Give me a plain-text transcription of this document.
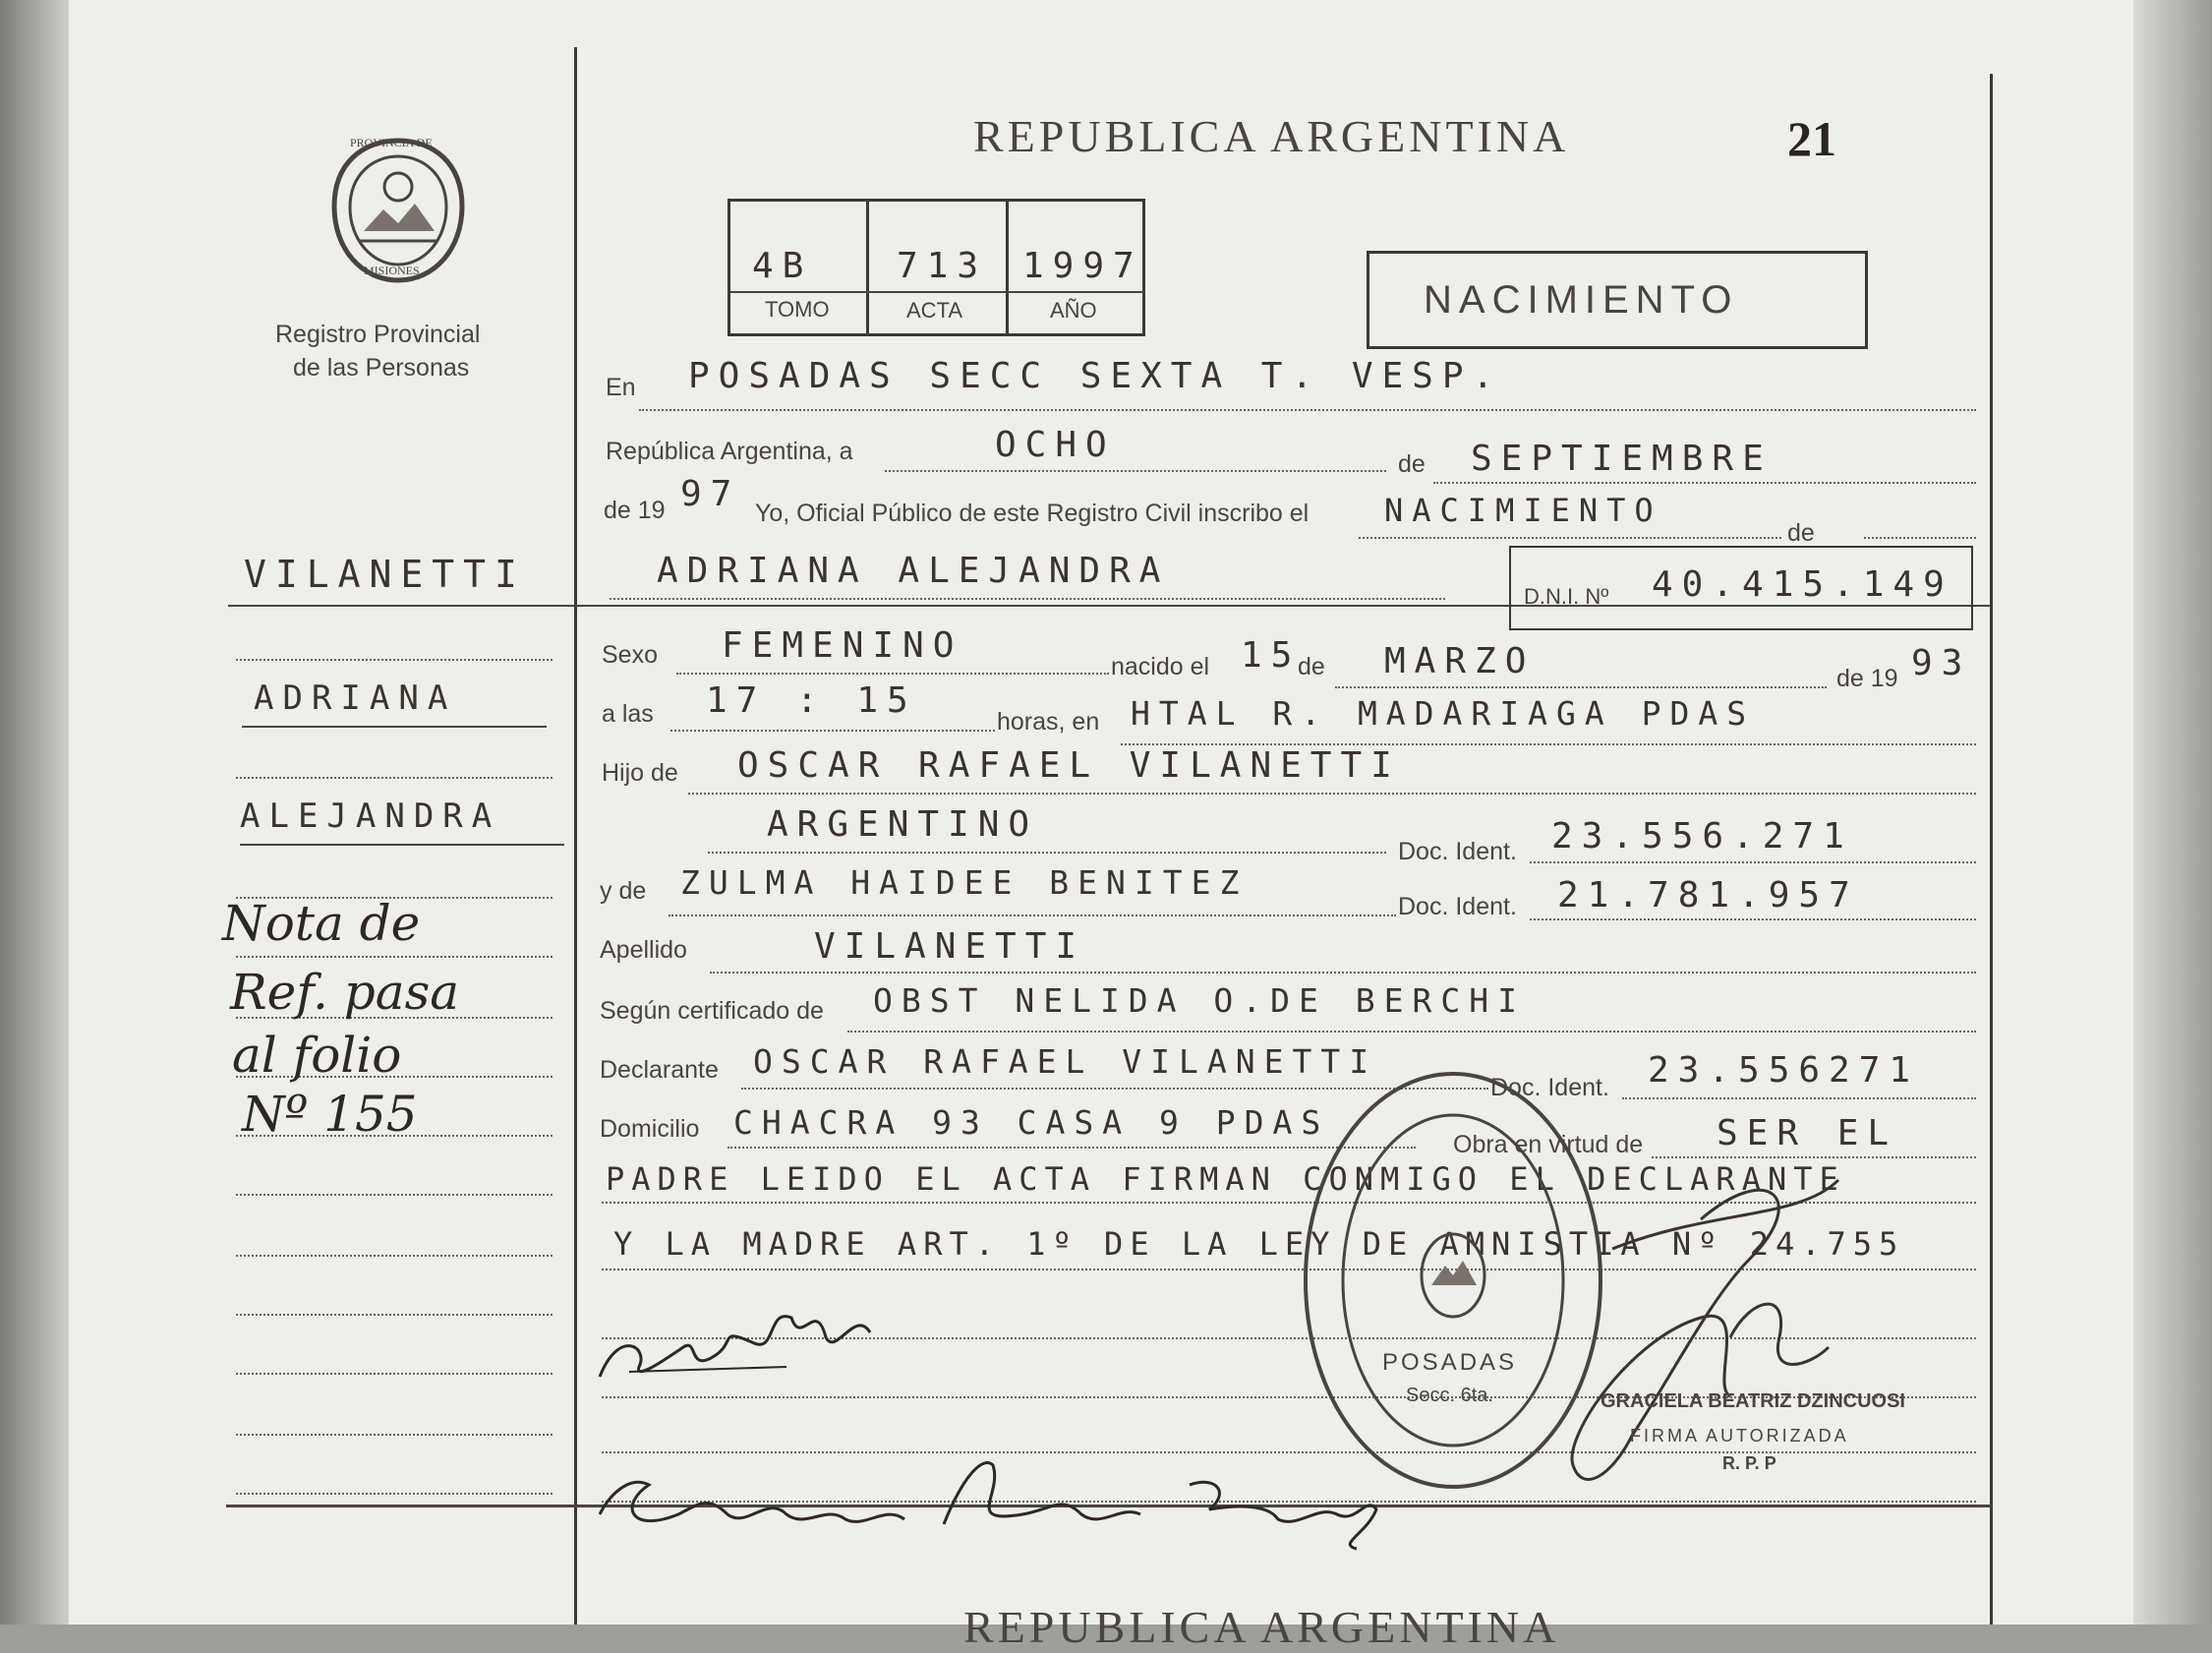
PROVINCIA DE
MISIONES
Registro Provincial
de las Personas
REPUBLICA ARGENTINA	21
4B 713 1997
TOMO	ACTA	AÑO	NACIMIENTO
En POSADAS SECC SEXTA T. VESP.
República Argentina, a	OCHO	de SEPTIEMBRE
de 19 97 Yo, Oficial Público de este Registro Civil inscribo el NACIMIENTO
de
ADRIANA ALEJANDRA
D.N.I. Nº 40.415.149
Sexo FEMENINO
nacido el 15
de MARZO	de 19 93
a las 17 : 15
horas, en HTAL R. MADARIAGA PDAS
Hijo de OSCAR RAFAEL VILANETTI
ARGENTINO
Doc. Ident. 23.556.271
y de ZULMA HAIDEE BENITEZ
Doc. Ident. 21.781.957
Apellido	VILANETTI
Según certificado de OBST NELIDA O.DE BERCHI
Declarante OSCAR RAFAEL VILANETTI
Doc. Ident. 23.556271
Domicilio CHACRA 93 CASA 9 PDAS
Obra en virtud de SER EL
PADRE LEIDO EL ACTA FIRMAN CONMIGO EL DECLARANTE
Y LA MADRE ART. 1º DE LA LEY DE AMNISTIA Nº 24.755
POSADAS
Secc. 6ta.	GRACIELA BEATRIZ DZINCUOSI
FIRMA AUTORIZADA
R. P. P
VILANETTI
ADRIANA
ALEJANDRA
Nota de
Ref. pasa
al folio
Nº 155
REPUBLICA ARGENTINA
